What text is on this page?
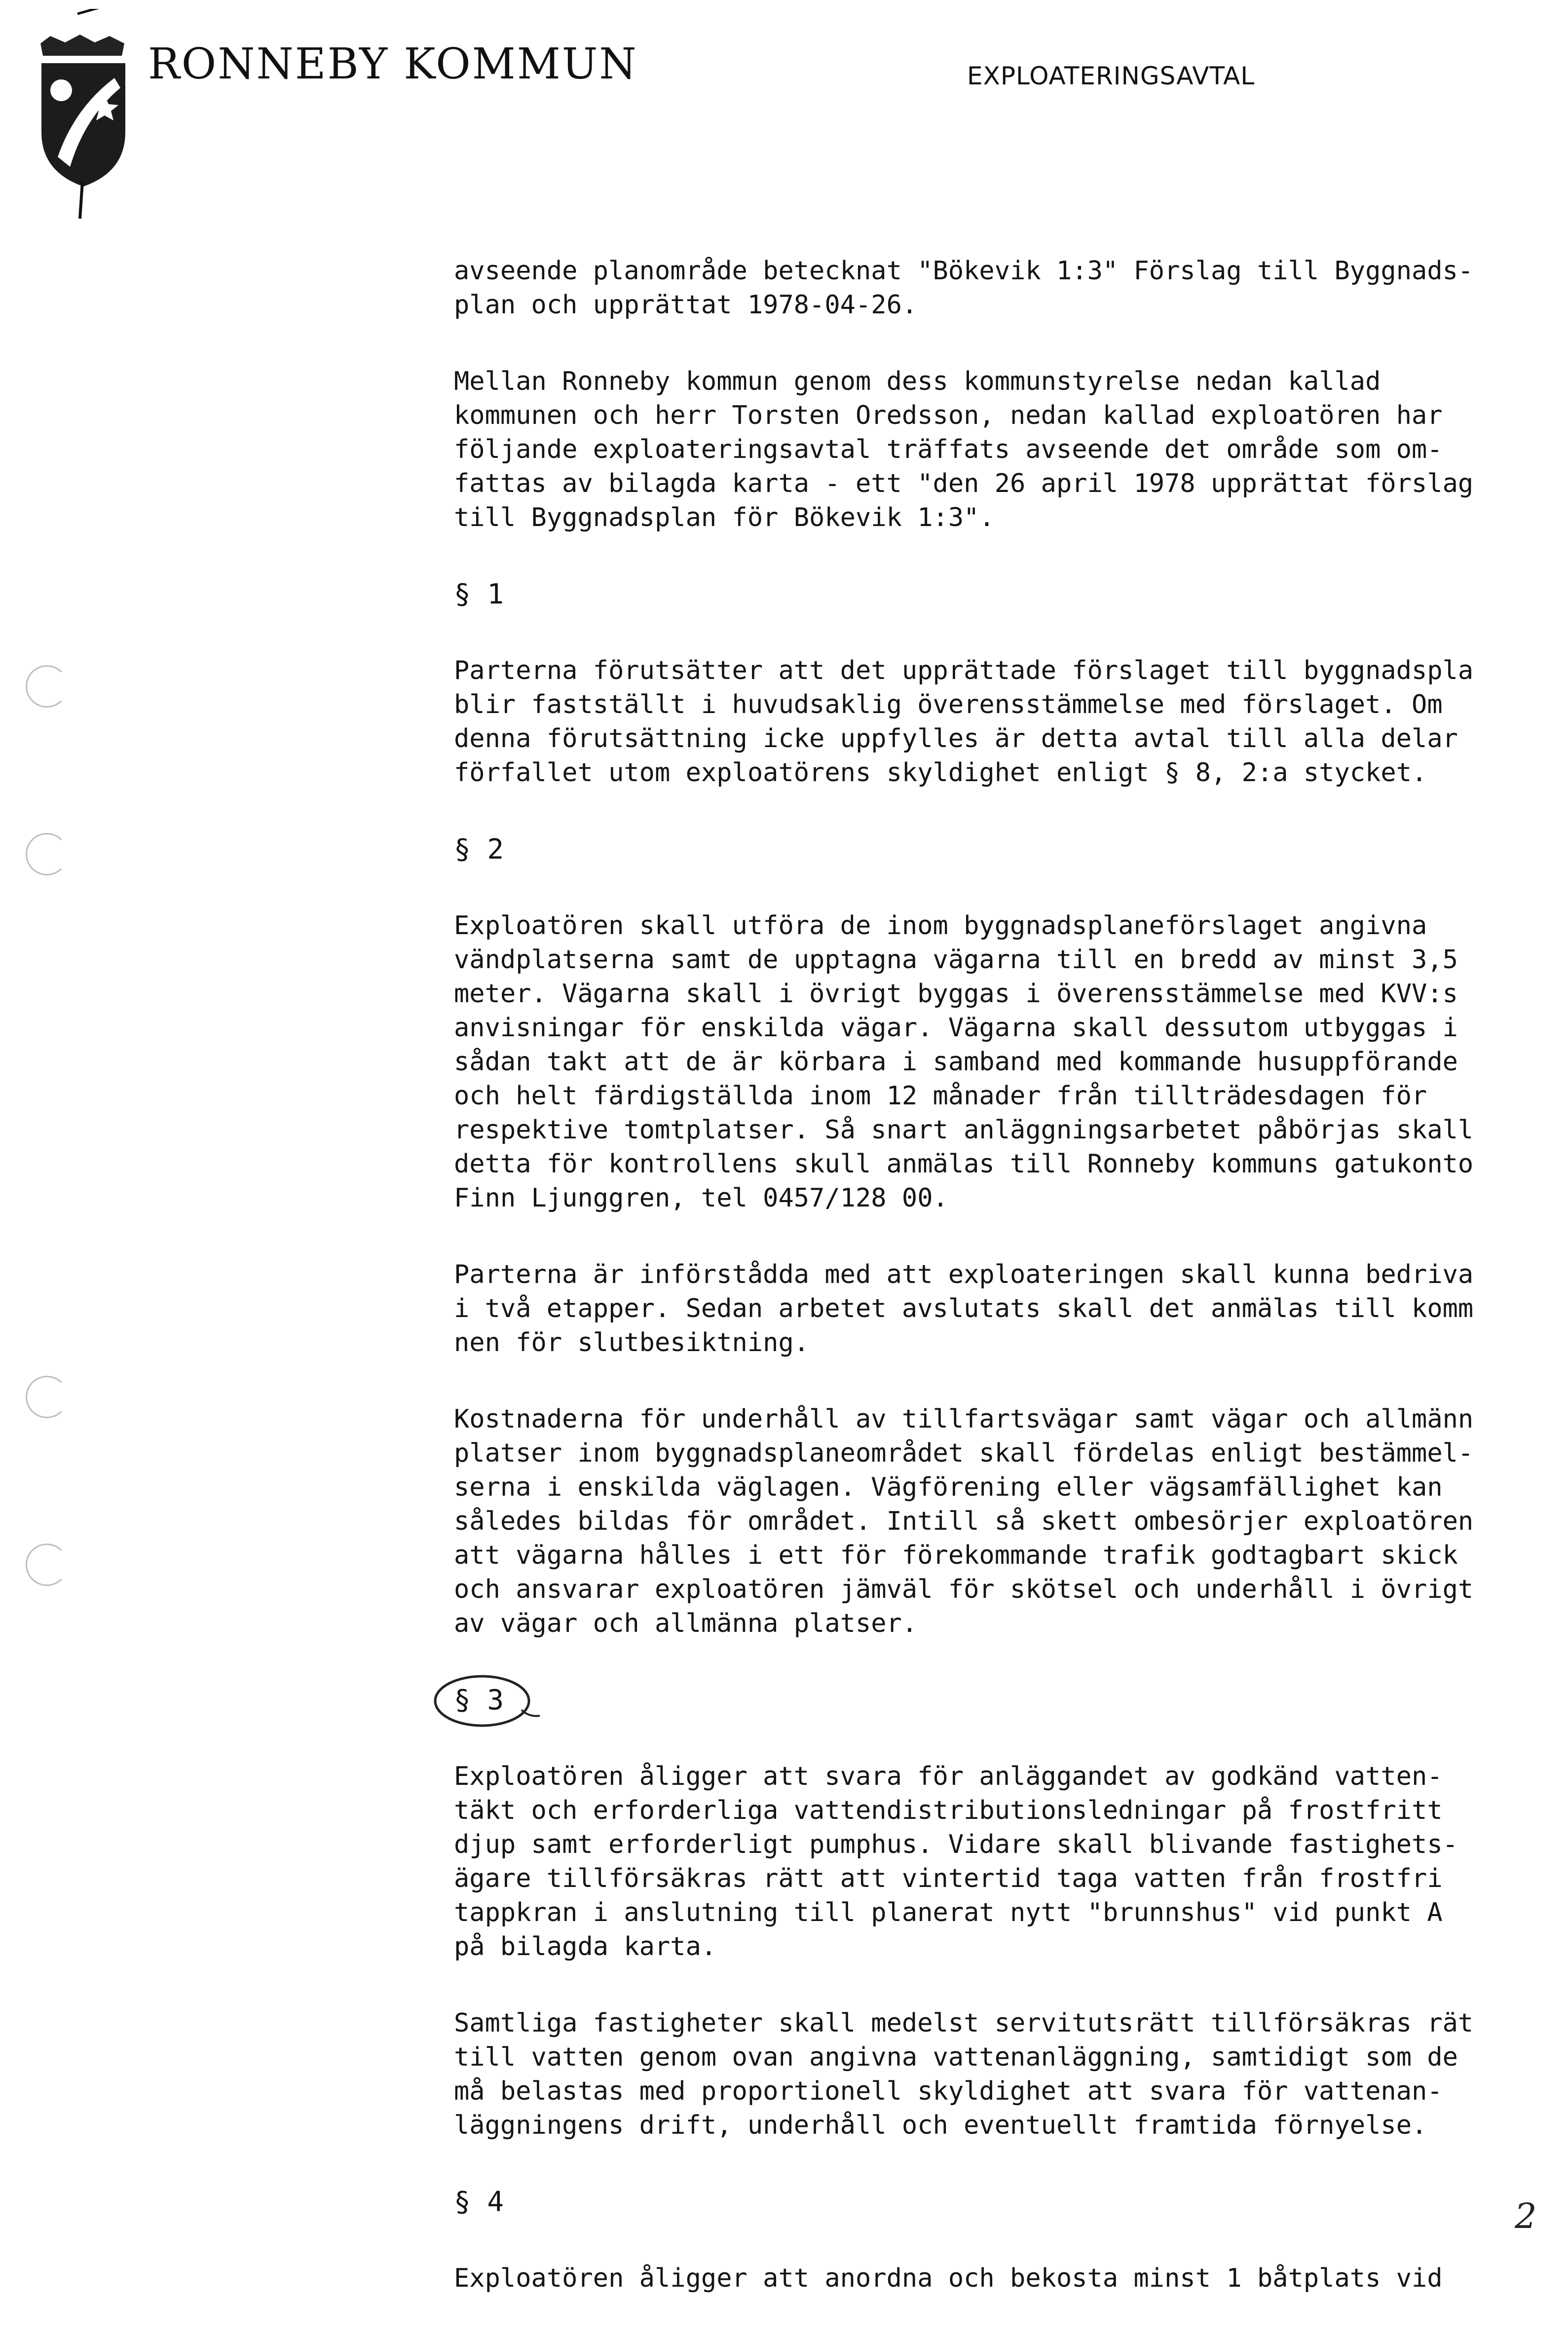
RONNEBY KOMMUN	EXPLOATERINGSAVTAL

avseende planområde betecknat "Bökevik 1:3" Förslag till Byggnads-
plan och upprättat 1978-04-26.

Mellan Ronneby kommun genom dess kommunstyrelse nedan kallad
kommunen och herr Torsten Oredsson, nedan kallad exploatören har
följande exploateringsavtal träffats avseende det område som om-
fattas av bilagda karta - ett "den 26 april 1978 upprättat förslag
till Byggnadsplan för Bökevik 1:3".

§ 1

Parterna förutsätter att det upprättade förslaget till byggnadspla
blir fastställt i huvudsaklig överensstämmelse med förslaget. Om
denna förutsättning icke uppfylles är detta avtal till alla delar
förfallet utom exploatörens skyldighet enligt § 8, 2:a stycket.

§ 2

Exploatören skall utföra de inom byggnadsplaneförslaget angivna
vändplatserna samt de upptagna vägarna till en bredd av minst 3,5
meter. Vägarna skall i övrigt byggas i överensstämmelse med KVV:s
anvisningar för enskilda vägar. Vägarna skall dessutom utbyggas i
sådan takt att de är körbara i samband med kommande husuppförande
och helt färdigställda inom 12 månader från tillträdesdagen för
respektive tomtplatser. Så snart anläggningsarbetet påbörjas skall
detta för kontrollens skull anmälas till Ronneby kommuns gatukonto
Finn Ljunggren, tel 0457/128 00.

Parterna är införstådda med att exploateringen skall kunna bedriva
i två etapper. Sedan arbetet avslutats skall det anmälas till komm
nen för slutbesiktning.

Kostnaderna för underhåll av tillfartsvägar samt vägar och allmänn
platser inom byggnadsplaneområdet skall fördelas enligt bestämmel-
serna i enskilda väglagen. Vägförening eller vägsamfällighet kan
således bildas för området. Intill så skett ombesörjer exploatören
att vägarna hålles i ett för förekommande trafik godtagbart skick
och ansvarar exploatören jämväl för skötsel och underhåll i övrigt
av vägar och allmänna platser.

§ 3

Exploatören åligger att svara för anläggandet av godkänd vatten-
täkt och erforderliga vattendistributionsledningar på frostfritt
djup samt erforderligt pumphus. Vidare skall blivande fastighets-
ägare tillförsäkras rätt att vintertid taga vatten från frostfri
tappkran i anslutning till planerat nytt "brunnshus" vid punkt A
på bilagda karta.

Samtliga fastigheter skall medelst servitutsrätt tillförsäkras rät
till vatten genom ovan angivna vattenanläggning, samtidigt som de
må belastas med proportionell skyldighet att svara för vattenan-
läggningens drift, underhåll och eventuellt framtida förnyelse.

§ 4

Exploatören åligger att anordna och bekosta minst 1 båtplats vid

2
